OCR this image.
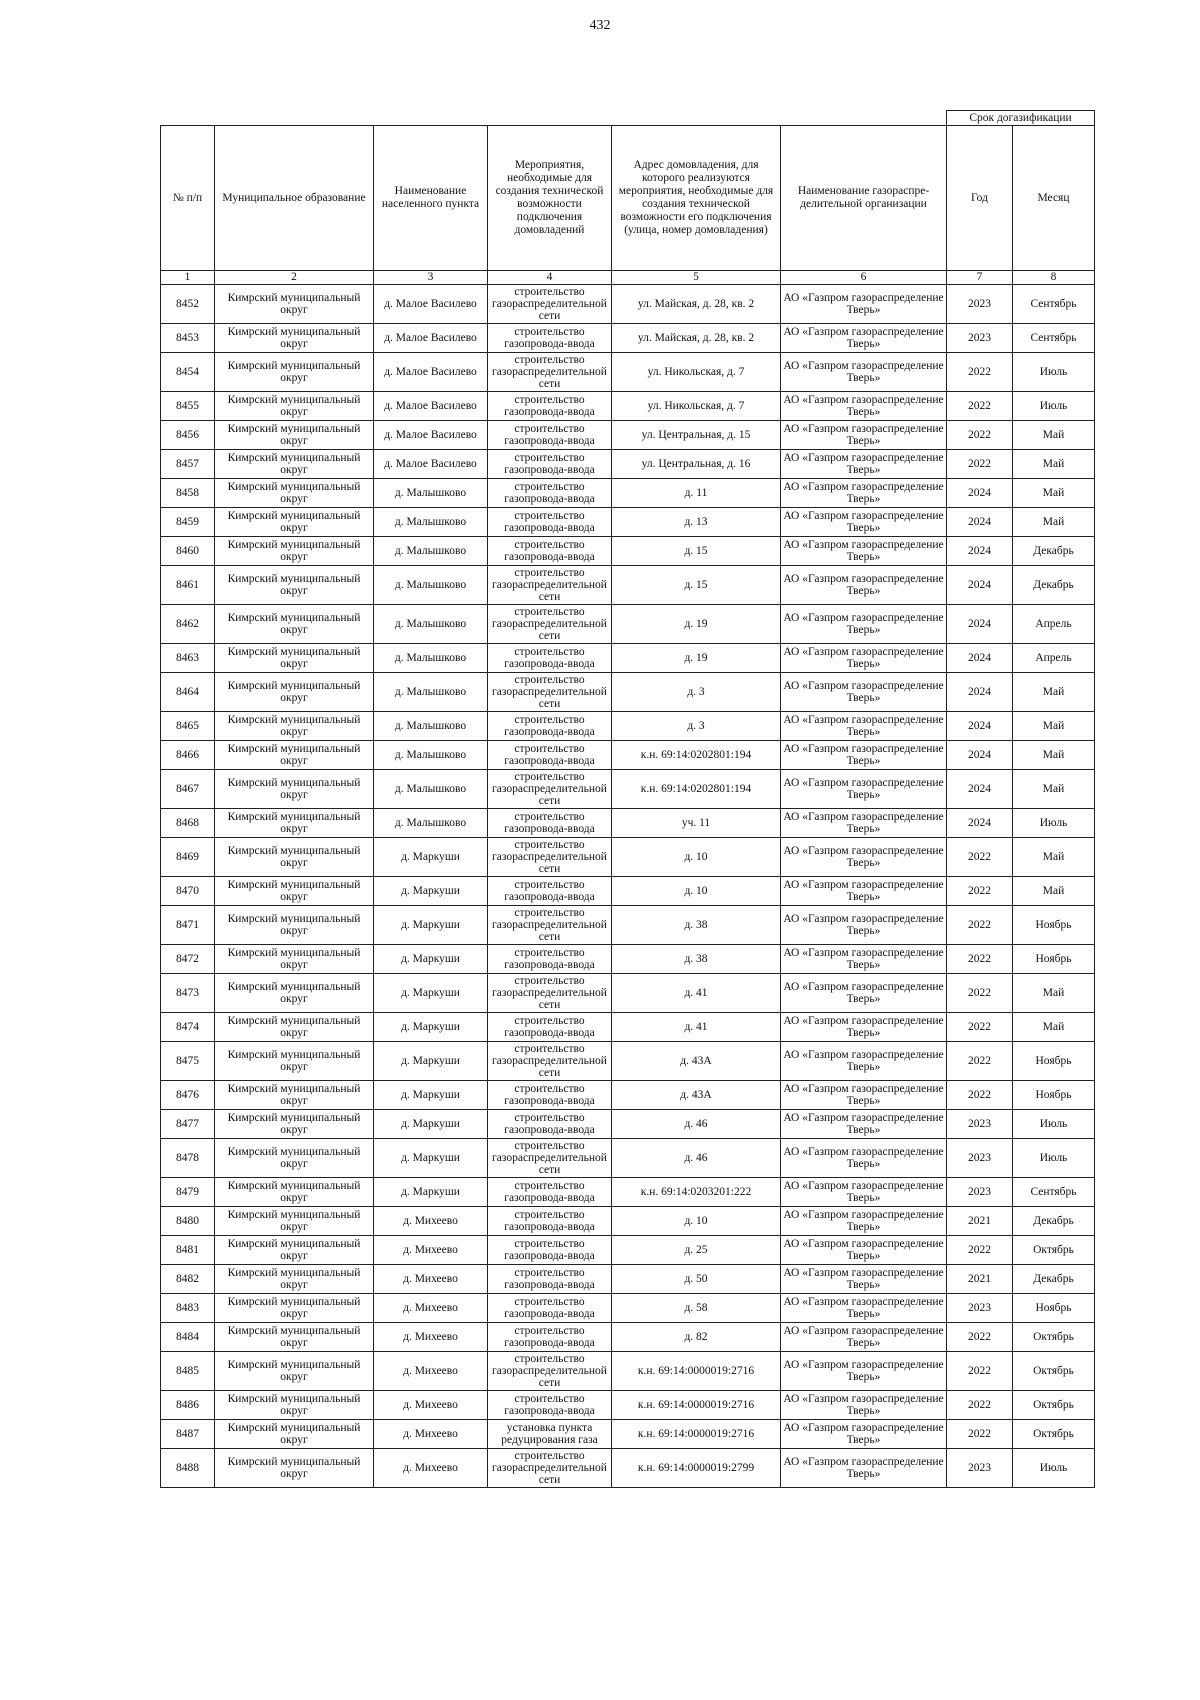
432
						Срок догазификации	
№ п/п	Муниципальное образование	Наименование населенного пункта	Мероприятия, необходимые для создания технической возможности подключения домовладений	Адрес домовладения, для которого реализуются мероприятия, необходимые для создания технической возможности его подключения (улица, номер домовладения)	Наименование газораспре-делительной организации	Год	Месяц
1	2	3	4	5	6	7	8
8452	Кимрский муниципальный округ	д. Малое Василево	строительство газораспределительной сети	ул. Майская, д. 28, кв. 2	АО «Газпром газораспределение Тверь»	2023	Сентябрь
8453	Кимрский муниципальный округ	д. Малое Василево	строительство газопровода-ввода	ул. Майская, д. 28, кв. 2	АО «Газпром газораспределение Тверь»	2023	Сентябрь
8454	Кимрский муниципальный округ	д. Малое Василево	строительство газораспределительной сети	ул. Никольская, д. 7	АО «Газпром газораспределение Тверь»	2022	Июль
8455	Кимрский муниципальный округ	д. Малое Василево	строительство газопровода-ввода	ул. Никольская, д. 7	АО «Газпром газораспределение Тверь»	2022	Июль
8456	Кимрский муниципальный округ	д. Малое Василево	строительство газопровода-ввода	ул. Центральная, д. 15	АО «Газпром газораспределение Тверь»	2022	Май
8457	Кимрский муниципальный округ	д. Малое Василево	строительство газопровода-ввода	ул. Центральная, д. 16	АО «Газпром газораспределение Тверь»	2022	Май
8458	Кимрский муниципальный округ	д. Малышково	строительство газопровода-ввода	д. 11	АО «Газпром газораспределение Тверь»	2024	Май
8459	Кимрский муниципальный округ	д. Малышково	строительство газопровода-ввода	д. 13	АО «Газпром газораспределение Тверь»	2024	Май
8460	Кимрский муниципальный округ	д. Малышково	строительство газопровода-ввода	д. 15	АО «Газпром газораспределение Тверь»	2024	Декабрь
8461	Кимрский муниципальный округ	д. Малышково	строительство газораспределительной сети	д. 15	АО «Газпром газораспределение Тверь»	2024	Декабрь
8462	Кимрский муниципальный округ	д. Малышково	строительство газораспределительной сети	д. 19	АО «Газпром газораспределение Тверь»	2024	Апрель
8463	Кимрский муниципальный округ	д. Малышково	строительство газопровода-ввода	д. 19	АО «Газпром газораспределение Тверь»	2024	Апрель
8464	Кимрский муниципальный округ	д. Малышково	строительство газораспределительной сети	д. 3	АО «Газпром газораспределение Тверь»	2024	Май
8465	Кимрский муниципальный округ	д. Малышково	строительство газопровода-ввода	д. 3	АО «Газпром газораспределение Тверь»	2024	Май
8466	Кимрский муниципальный округ	д. Малышково	строительство газопровода-ввода	к.н. 69:14:0202801:194	АО «Газпром газораспределение Тверь»	2024	Май
8467	Кимрский муниципальный округ	д. Малышково	строительство газораспределительной сети	к.н. 69:14:0202801:194	АО «Газпром газораспределение Тверь»	2024	Май
8468	Кимрский муниципальный округ	д. Малышково	строительство газопровода-ввода	уч. 11	АО «Газпром газораспределение Тверь»	2024	Июль
8469	Кимрский муниципальный округ	д. Маркуши	строительство газораспределительной сети	д. 10	АО «Газпром газораспределение Тверь»	2022	Май
8470	Кимрский муниципальный округ	д. Маркуши	строительство газопровода-ввода	д. 10	АО «Газпром газораспределение Тверь»	2022	Май
8471	Кимрский муниципальный округ	д. Маркуши	строительство газораспределительной сети	д. 38	АО «Газпром газораспределение Тверь»	2022	Ноябрь
8472	Кимрский муниципальный округ	д. Маркуши	строительство газопровода-ввода	д. 38	АО «Газпром газораспределение Тверь»	2022	Ноябрь
8473	Кимрский муниципальный округ	д. Маркуши	строительство газораспределительной сети	д. 41	АО «Газпром газораспределение Тверь»	2022	Май
8474	Кимрский муниципальный округ	д. Маркуши	строительство газопровода-ввода	д. 41	АО «Газпром газораспределение Тверь»	2022	Май
8475	Кимрский муниципальный округ	д. Маркуши	строительство газораспределительной сети	д. 43А	АО «Газпром газораспределение Тверь»	2022	Ноябрь
8476	Кимрский муниципальный округ	д. Маркуши	строительство газопровода-ввода	д. 43А	АО «Газпром газораспределение Тверь»	2022	Ноябрь
8477	Кимрский муниципальный округ	д. Маркуши	строительство газопровода-ввода	д. 46	АО «Газпром газораспределение Тверь»	2023	Июль
8478	Кимрский муниципальный округ	д. Маркуши	строительство газораспределительной сети	д. 46	АО «Газпром газораспределение Тверь»	2023	Июль
8479	Кимрский муниципальный округ	д. Маркуши	строительство газопровода-ввода	к.н. 69:14:0203201:222	АО «Газпром газораспределение Тверь»	2023	Сентябрь
8480	Кимрский муниципальный округ	д. Михеево	строительство газопровода-ввода	д. 10	АО «Газпром газораспределение Тверь»	2021	Декабрь
8481	Кимрский муниципальный округ	д. Михеево	строительство газопровода-ввода	д. 25	АО «Газпром газораспределение Тверь»	2022	Октябрь
8482	Кимрский муниципальный округ	д. Михеево	строительство газопровода-ввода	д. 50	АО «Газпром газораспределение Тверь»	2021	Декабрь
8483	Кимрский муниципальный округ	д. Михеево	строительство газопровода-ввода	д. 58	АО «Газпром газораспределение Тверь»	2023	Ноябрь
8484	Кимрский муниципальный округ	д. Михеево	строительство газопровода-ввода	д. 82	АО «Газпром газораспределение Тверь»	2022	Октябрь
8485	Кимрский муниципальный округ	д. Михеево	строительство газораспределительной сети	к.н. 69:14:0000019:2716	АО «Газпром газораспределение Тверь»	2022	Октябрь
8486	Кимрский муниципальный округ	д. Михеево	строительство газопровода-ввода	к.н. 69:14:0000019:2716	АО «Газпром газораспределение Тверь»	2022	Октябрь
8487	Кимрский муниципальный округ	д. Михеево	установка пункта редуцирования газа	к.н. 69:14:0000019:2716	АО «Газпром газораспределение Тверь»	2022	Октябрь
8488	Кимрский муниципальный округ	д. Михеево	строительство газораспределительной сети	к.н. 69:14:0000019:2799	АО «Газпром газораспределение Тверь»	2023	Июль
